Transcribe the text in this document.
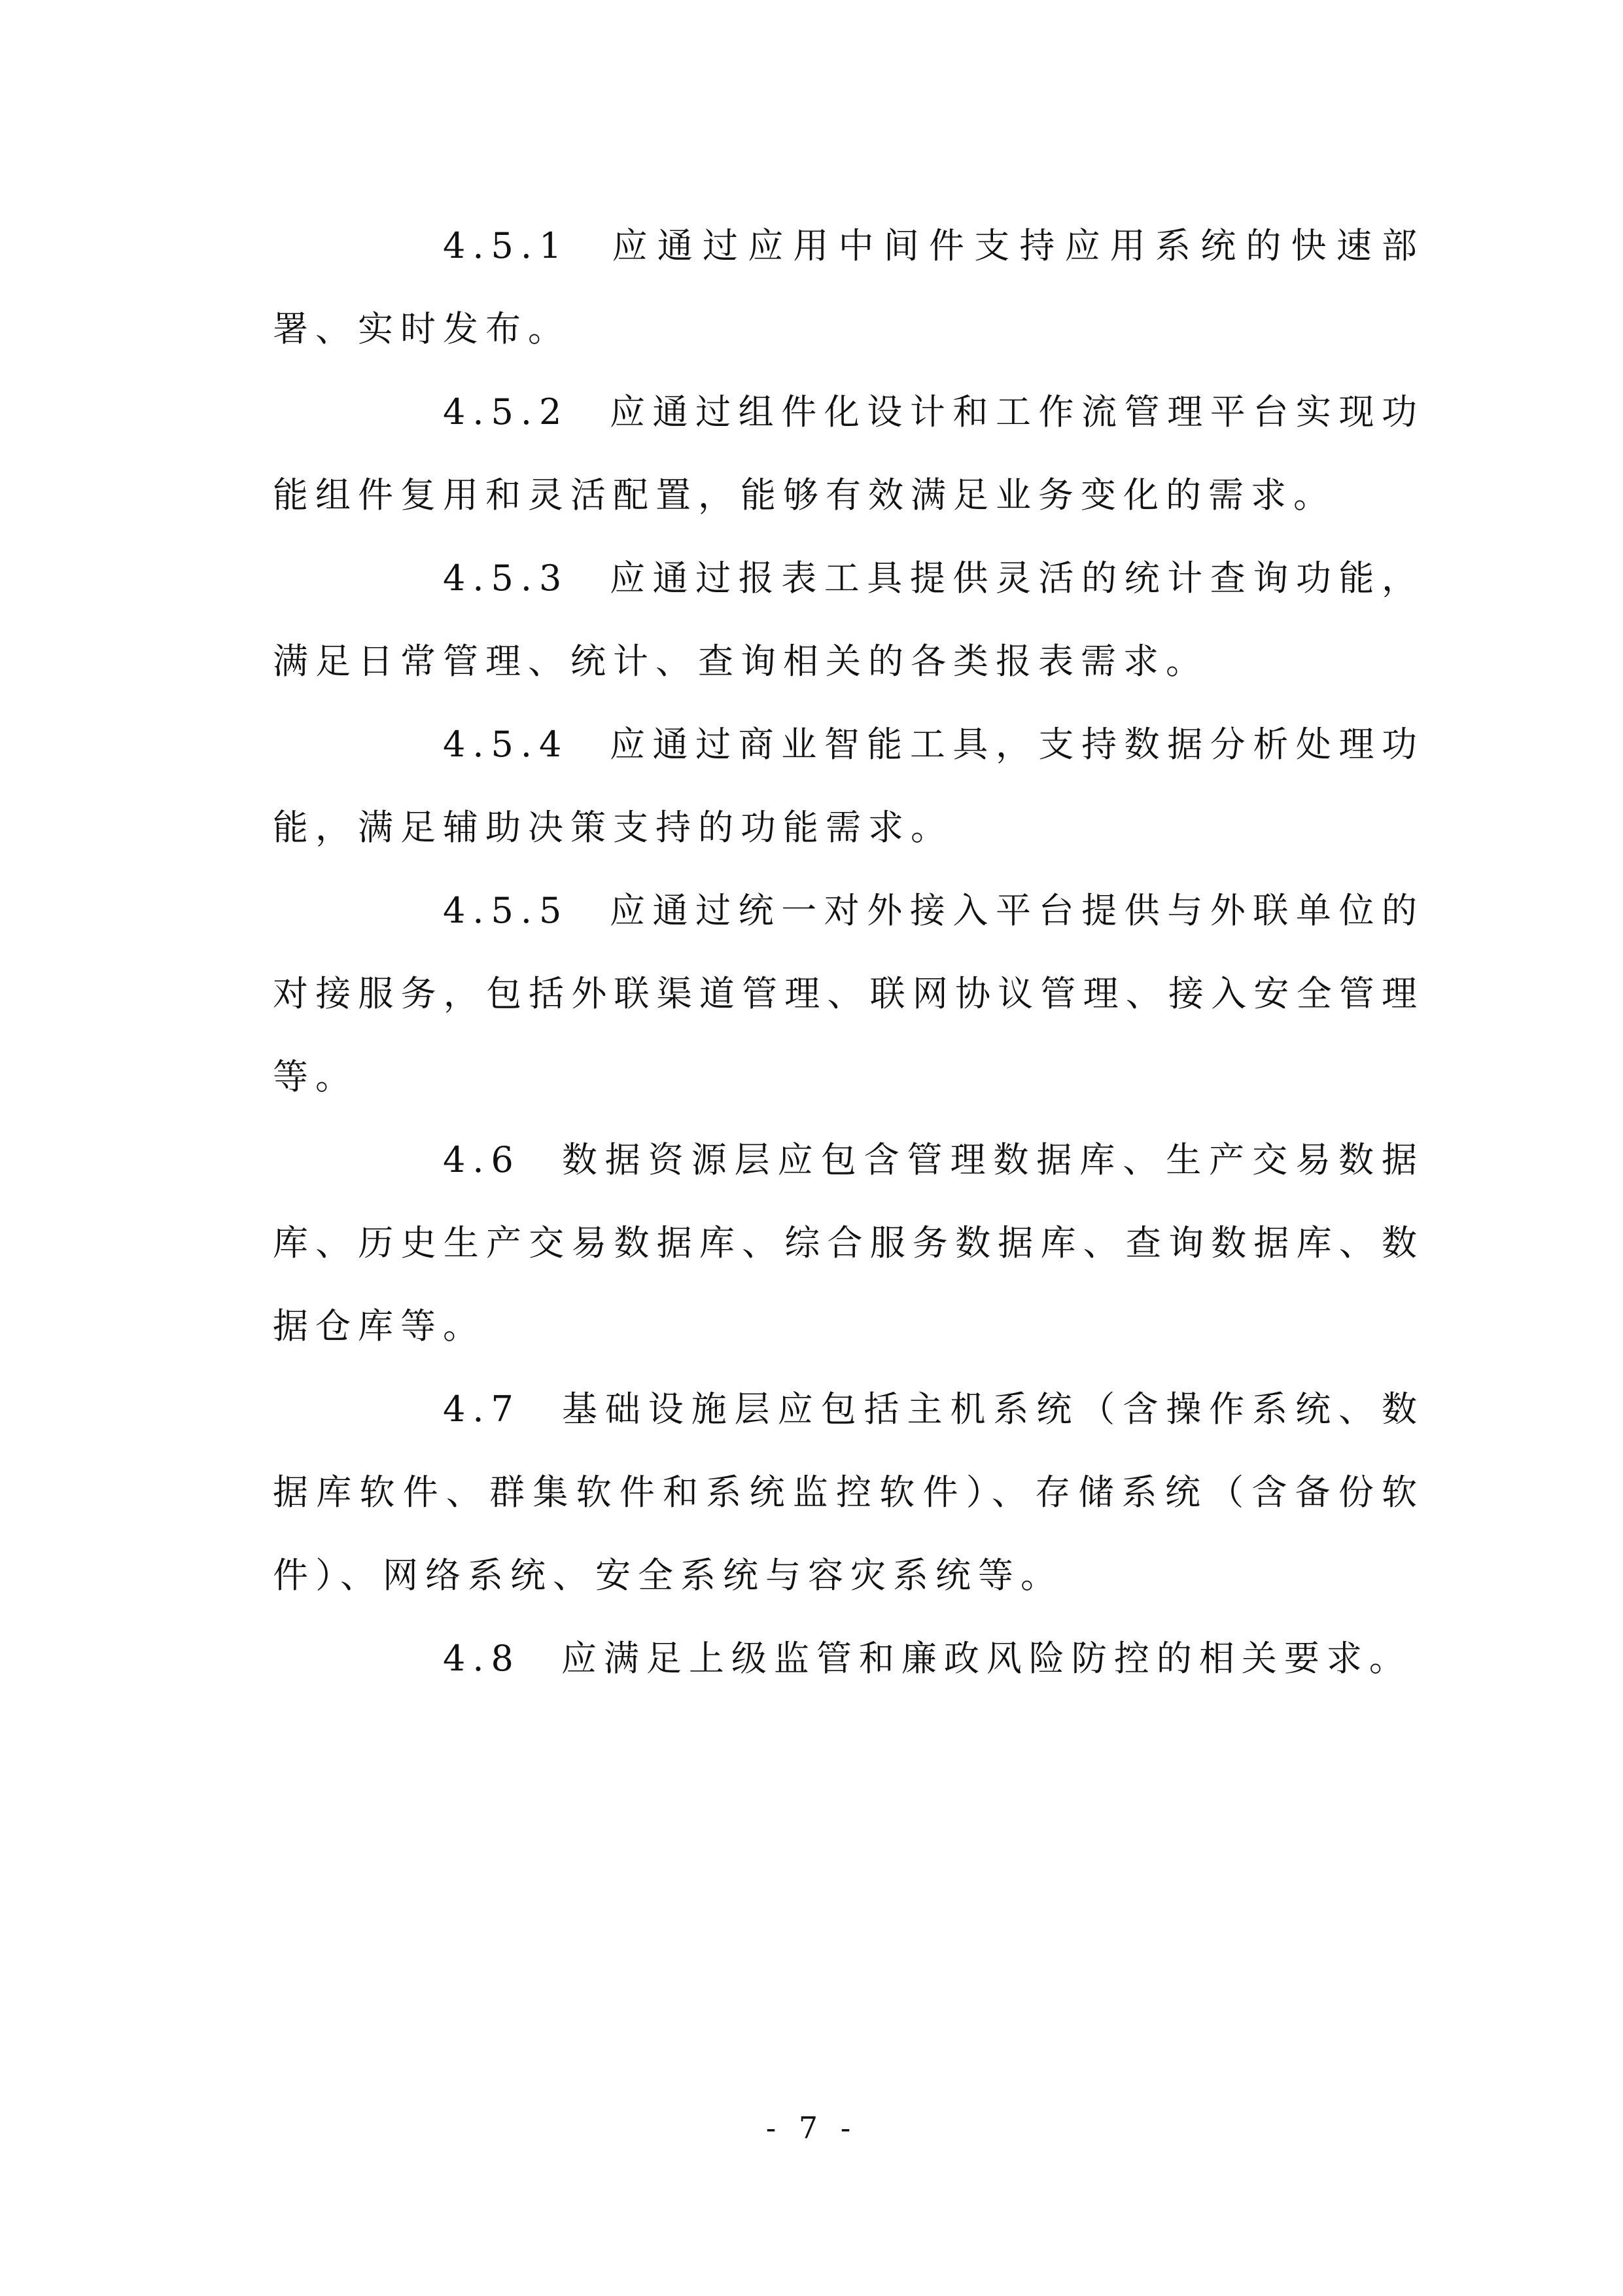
4.5.1 应通过应用中间件支持应用系统的快速部署、实时发布。

4.5.2 应通过组件化设计和工作流管理平台实现功能组件复用和灵活配置，能够有效满足业务变化的需求。

4.5.3 应通过报表工具提供灵活的统计查询功能，满足日常管理、统计、查询相关的各类报表需求。

4.5.4 应通过商业智能工具，支持数据分析处理功能，满足辅助决策支持的功能需求。

4.5.5 应通过统一对外接入平台提供与外联单位的对接服务，包括外联渠道管理、联网协议管理、接入安全管理等。

4.6 数据资源层应包含管理数据库、生产交易数据库、历史生产交易数据库、综合服务数据库、查询数据库、数据仓库等。

4.7 基础设施层应包括主机系统（含操作系统、数据库软件、群集软件和系统监控软件）、存储系统（含备份软件）、网络系统、安全系统与容灾系统等。

4.8 应满足上级监管和廉政风险防控的相关要求。

- 7 -
